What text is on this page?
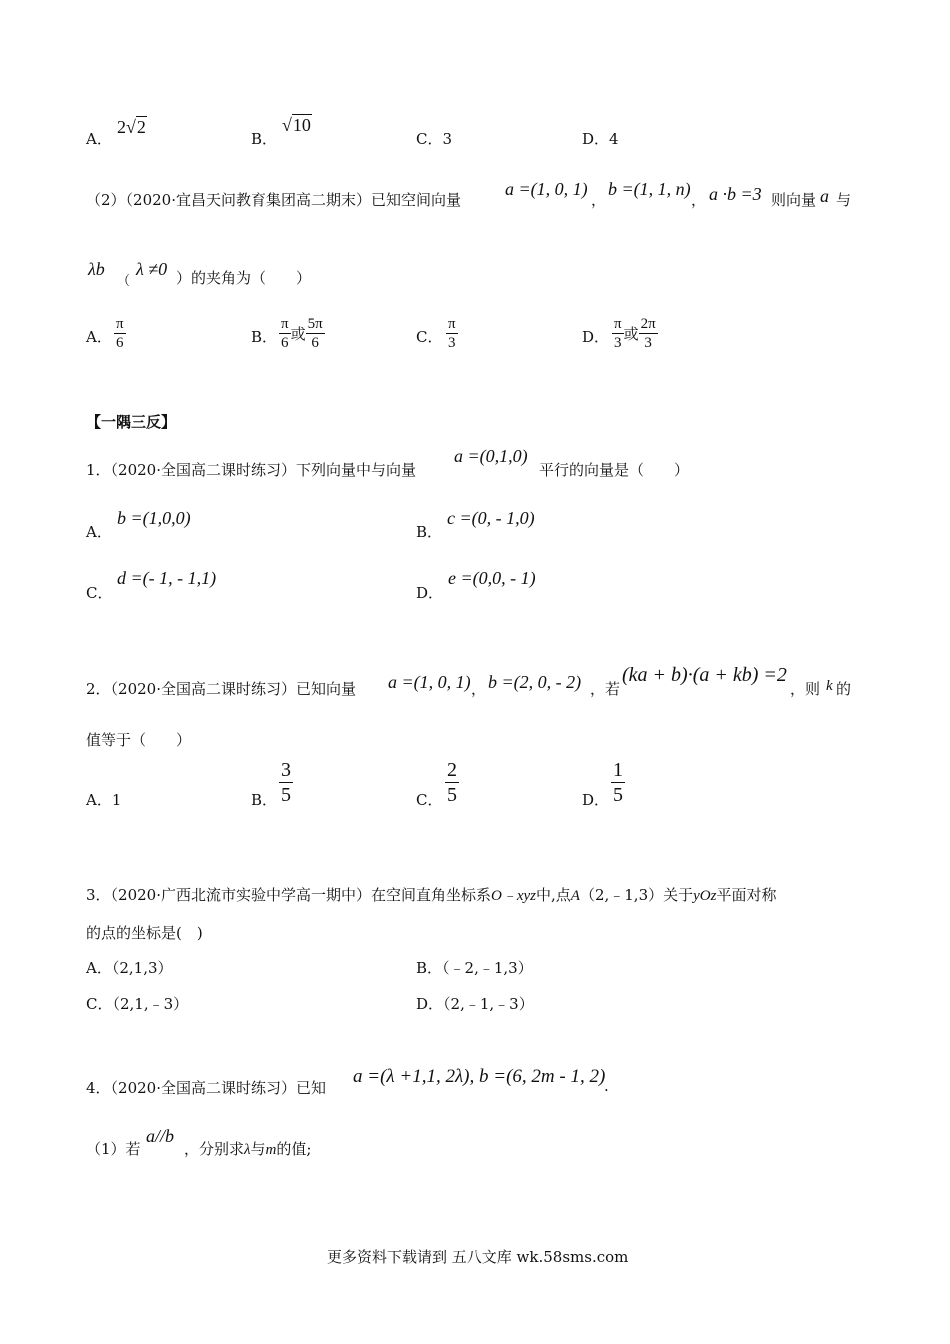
A．
2√2
B．
√10
C．3	D．4
（2）（2020·宜昌天问教育集团高二期末）已知空间向量
a =(1, 0, 1)
，
b =(1, 1, n)
， a ·b =3 则向量 a 与
λb
（
λ ≠0 ）的夹角为（　　）
A． $\frac{\pi}{6}$	B． $\frac{\pi}{6}$ 或 $\frac{5\pi}{6}$	C． $\frac{\pi}{3}$	D． $\frac{\pi}{3}$ 或 $\frac{2\pi}{3}$
【一隅三反】
1．（2020·全国高二课时练习）下列向量中与向量
a =(0,1,0)
平行的向量是（　　）
A．
b =(1,0,0)
B．
c =(0, - 1,0)
C．
d =(- 1, - 1,1)
D．
e =(0,0, - 1)
2．（2020·全国高二课时练习）已知向量 a =(1, 0, 1) ， b =(2, 0, - 2) ，若
(ka + b)·(a + kb) =2
，则 k 的
值等于（　　）
A．1	B． $\frac{3}{5}$	C． $\frac{2}{5}$	D． $\frac{1}{5}$
3．（2020·广西北流市实验中学高一期中）在空间直角坐标系O﹣xyz中,点A（2,﹣1,3）关于yOz平面对称
的点的坐标是(　)
A．（2,1,3）	B．（﹣2,﹣1,3）
C．（2,1,﹣3）	D．（2,﹣1,﹣3）
4．（2020·全国高二课时练习）已知
a =(λ +1,1, 2λ), b =(6, 2m - 1, 2)
.
（1）若
a//b
，分别求λ与m的值;
更多资料下载请到 五八文库 wk.58sms.com
